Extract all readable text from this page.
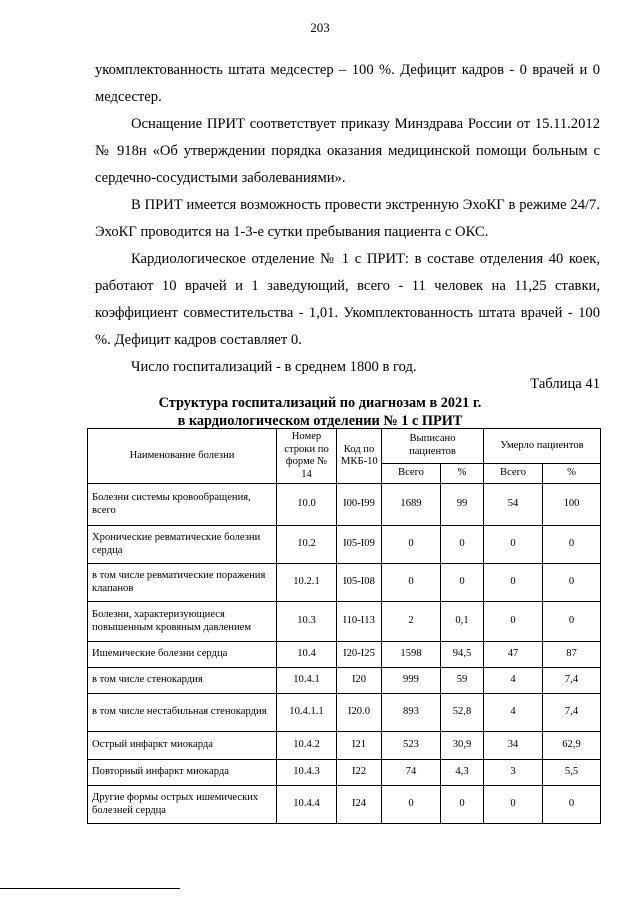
203

укомплектованность штата медсестер – 100 %. Дефицит кадров - 0 врачей и 0 медсестер.

Оснащение ПРИТ соответствует приказу Минздрава России от 15.11.2012 № 918н «Об утверждении порядка оказания медицинской помощи больным с сердечно-сосудистыми заболеваниями».

В ПРИТ имеется возможность провести экстренную ЭхоКГ в режиме 24/7. ЭхоКГ проводится на 1-3-е сутки пребывания пациента с ОКС.

Кардиологическое отделение № 1 с ПРИТ: в составе отделения 40 коек, работают 10 врачей и 1 заведующий, всего - 11 человек на 11,25 ставки, коэффициент совместительства - 1,01. Укомплектованность штата врачей - 100 %. Дефицит кадров составляет 0.

Число госпитализаций - в среднем 1800 в год.

Таблица 41
Структура госпитализаций по диагнозам в 2021 г.
в кардиологическом отделении № 1 с ПРИТ
Наименование болезни	Номер строки по форме № 14	Код по МКБ-10	Выписано пациентов		Умерло пациентов	
			Всего	%	Всего	%
Болезни системы кровообращения, всего	10.0	I00-I99	1689	99	54	100
Хронические ревматические болезни сердца	10.2	I05-I09	0	0	0	0
в том числе ревматические поражения клапанов	10.2.1	I05-I08	0	0	0	0
Болезни, характеризующиеся повышенным кровяным давлением	10.3	I10-I13	2	0,1	0	0
Ишемические болезни сердца	10.4	I20-I25	1598	94,5	47	87
в том числе стенокардия	10.4.1	I20	999	59	4	7,4
в том числе нестабильная стенокардия	10.4.1.1	I20.0	893	52,8	4	7,4
Острый инфаркт миокарда	10.4.2	I21	523	30,9	34	62,9
Повторный инфаркт миокарда	10.4.3	I22	74	4,3	3	5,5
Другие формы острых ишемических болезней сердца	10.4.4	I24	0	0	0	0
